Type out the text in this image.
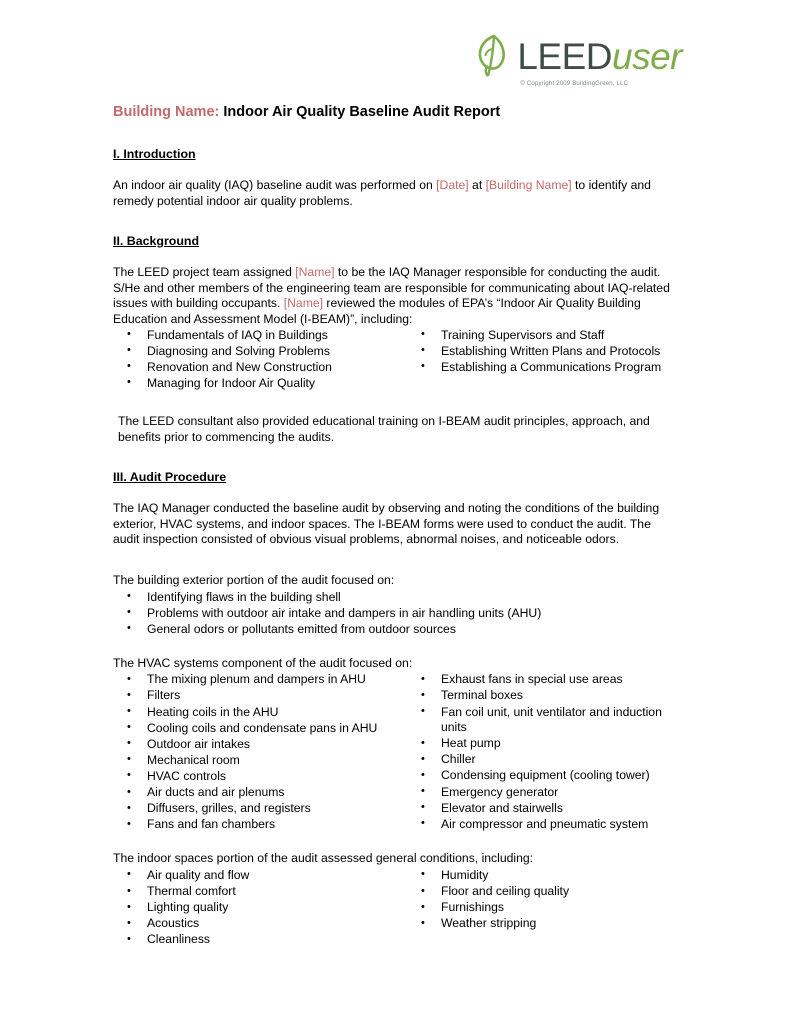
LEEDuser
© Copyright 2009 BuildingGreen, LLC
Building Name: Indoor Air Quality Baseline Audit Report
I. Introduction

An indoor air quality (IAQ) baseline audit was performed on [Date] at [Building Name] to identify and remedy potential indoor air quality problems.

II. Background

The LEED project team assigned [Name] to be the IAQ Manager responsible for conducting the audit. S/He and other members of the engineering team are responsible for communicating about IAQ-related issues with building occupants. [Name] reviewed the modules of EPA’s “Indoor Air Quality Building Education and Assessment Model (I-BEAM)”, including:

• Fundamentals of IAQ in Buildings
• Diagnosing and Solving Problems
• Renovation and New Construction
• Managing for Indoor Air Quality
• Training Supervisors and Staff
• Establishing Written Plans and Protocols
• Establishing a Communications Program

The LEED consultant also provided educational training on I-BEAM audit principles, approach, and benefits prior to commencing the audits.

III. Audit Procedure

The IAQ Manager conducted the baseline audit by observing and noting the conditions of the building exterior, HVAC systems, and indoor spaces. The I-BEAM forms were used to conduct the audit. The audit inspection consisted of obvious visual problems, abnormal noises, and noticeable odors.

The building exterior portion of the audit focused on:

• Identifying flaws in the building shell
• Problems with outdoor air intake and dampers in air handling units (AHU)
• General odors or pollutants emitted from outdoor sources

The HVAC systems component of the audit focused on:

• The mixing plenum and dampers in AHU
• Filters
• Heating coils in the AHU
• Cooling coils and condensate pans in AHU
• Outdoor air intakes
• Mechanical room
• HVAC controls
• Air ducts and air plenums
• Diffusers, grilles, and registers
• Fans and fan chambers
• Exhaust fans in special use areas
• Terminal boxes
• Fan coil unit, unit ventilator and induction units
• Heat pump
• Chiller
• Condensing equipment (cooling tower)
• Emergency generator
• Elevator and stairwells
• Air compressor and pneumatic system

The indoor spaces portion of the audit assessed general conditions, including:

• Air quality and flow
• Thermal comfort
• Lighting quality
• Acoustics
• Cleanliness
• Humidity
• Floor and ceiling quality
• Furnishings
• Weather stripping
